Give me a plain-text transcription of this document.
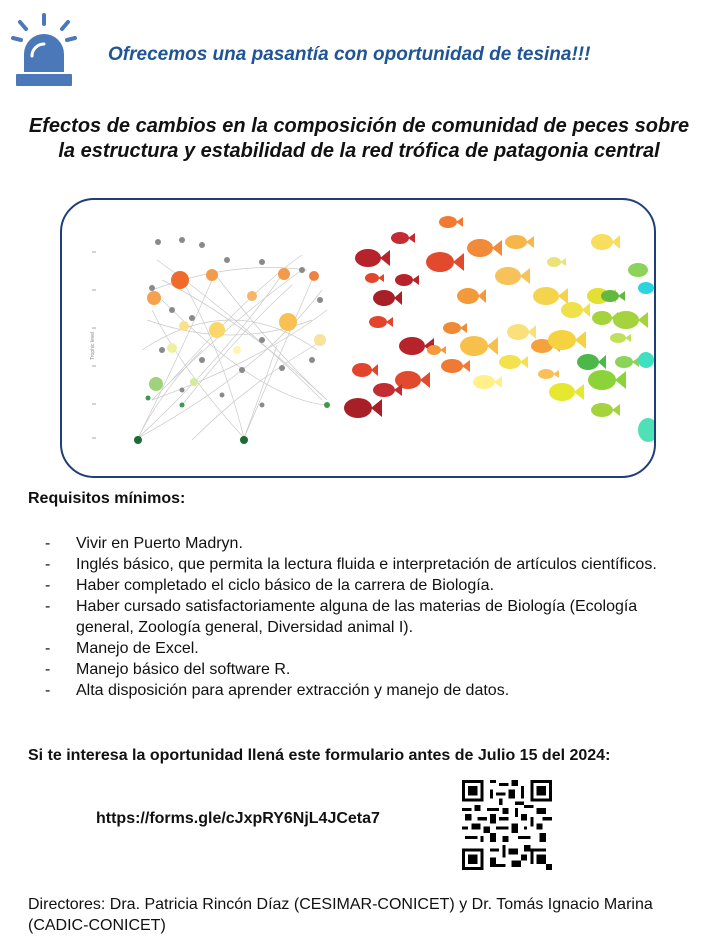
Ofrecemos una pasantía con oportunidad de tesina!!!
Efectos de cambios en la composición de comunidad de peces sobre la estructura y estabilidad de la red trófica de patagonia central
Trophic level
Requisitos mínimos:
- Vivir en Puerto Madryn.
- Inglés básico, que permita la lectura fluida e interpretación de artículos científicos.
- Haber completado el ciclo básico de la carrera de Biología.
- Haber cursado satisfactoriamente alguna de las materias de Biología (Ecología general, Zoología general, Diversidad animal I).
- Manejo de Excel.
- Manejo básico del software R.
- Alta disposición para aprender extracción y manejo de datos.
Si te interesa la oportunidad llená este formulario antes de Julio 15 del 2024:
https://forms.gle/cJxpRY6NjL4JCeta7
Directores: Dra. Patricia Rincón Díaz (CESIMAR-CONICET) y Dr. Tomás Ignacio Marina (CADIC-CONICET)
